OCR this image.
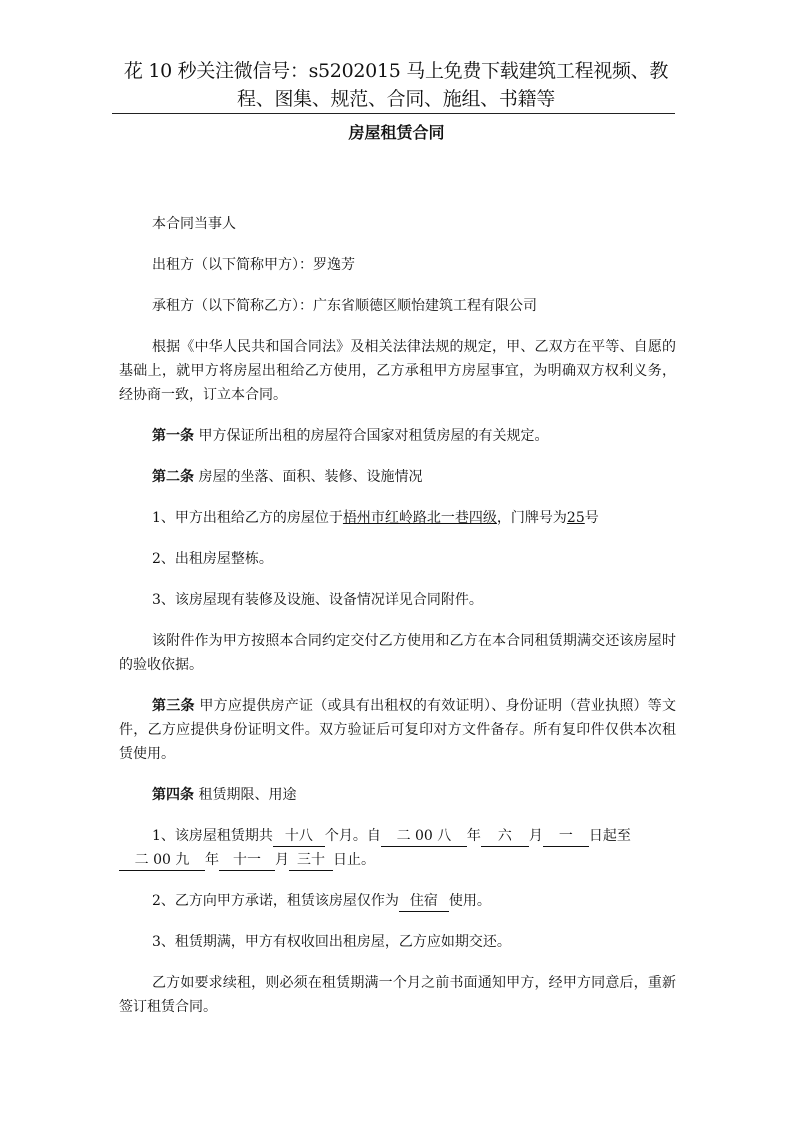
花 10 秒关注微信号：s5202015 马上免费下载建筑工程视频、教
程、图集、规范、合同、施组、书籍等
房屋租赁合同

本合同当事人

出租方（以下简称甲方）：罗逸芳

承租方（以下简称乙方）：广东省顺德区顺怡建筑工程有限公司

根据《中华人民共和国合同法》及相关法律法规的规定，甲、乙双方在平等、自愿的基础上，就甲方将房屋出租给乙方使用，乙方承租甲方房屋事宜，为明确双方权利义务，经协商一致，订立本合同。

第一条 甲方保证所出租的房屋符合国家对租赁房屋的有关规定。

第二条 房屋的坐落、面积、装修、设施情况

1、甲方出租给乙方的房屋位于梧州市红岭路北一巷四级，门牌号为25号

2、出租房屋整栋。

3、该房屋现有装修及设施、设备情况详见合同附件。

该附件作为甲方按照本合同约定交付乙方使用和乙方在本合同租赁期满交还该房屋时的验收依据。

第三条 甲方应提供房产证（或具有出租权的有效证明）、身份证明（营业执照）等文件，乙方应提供身份证明文件。双方验证后可复印对方文件备存。所有复印件仅供本次租赁使用。

第四条 租赁期限、用途

1、该房屋租赁期共 十八 个月。自 二 00 八 年 六 月 一 日起至
二 00 九 年 十一 月 三十 日止。

2、乙方向甲方承诺，租赁该房屋仅作为 住宿 使用。

3、租赁期满，甲方有权收回出租房屋，乙方应如期交还。

乙方如要求续租，则必须在租赁期满一个月之前书面通知甲方，经甲方同意后，重新签订租赁合同。
